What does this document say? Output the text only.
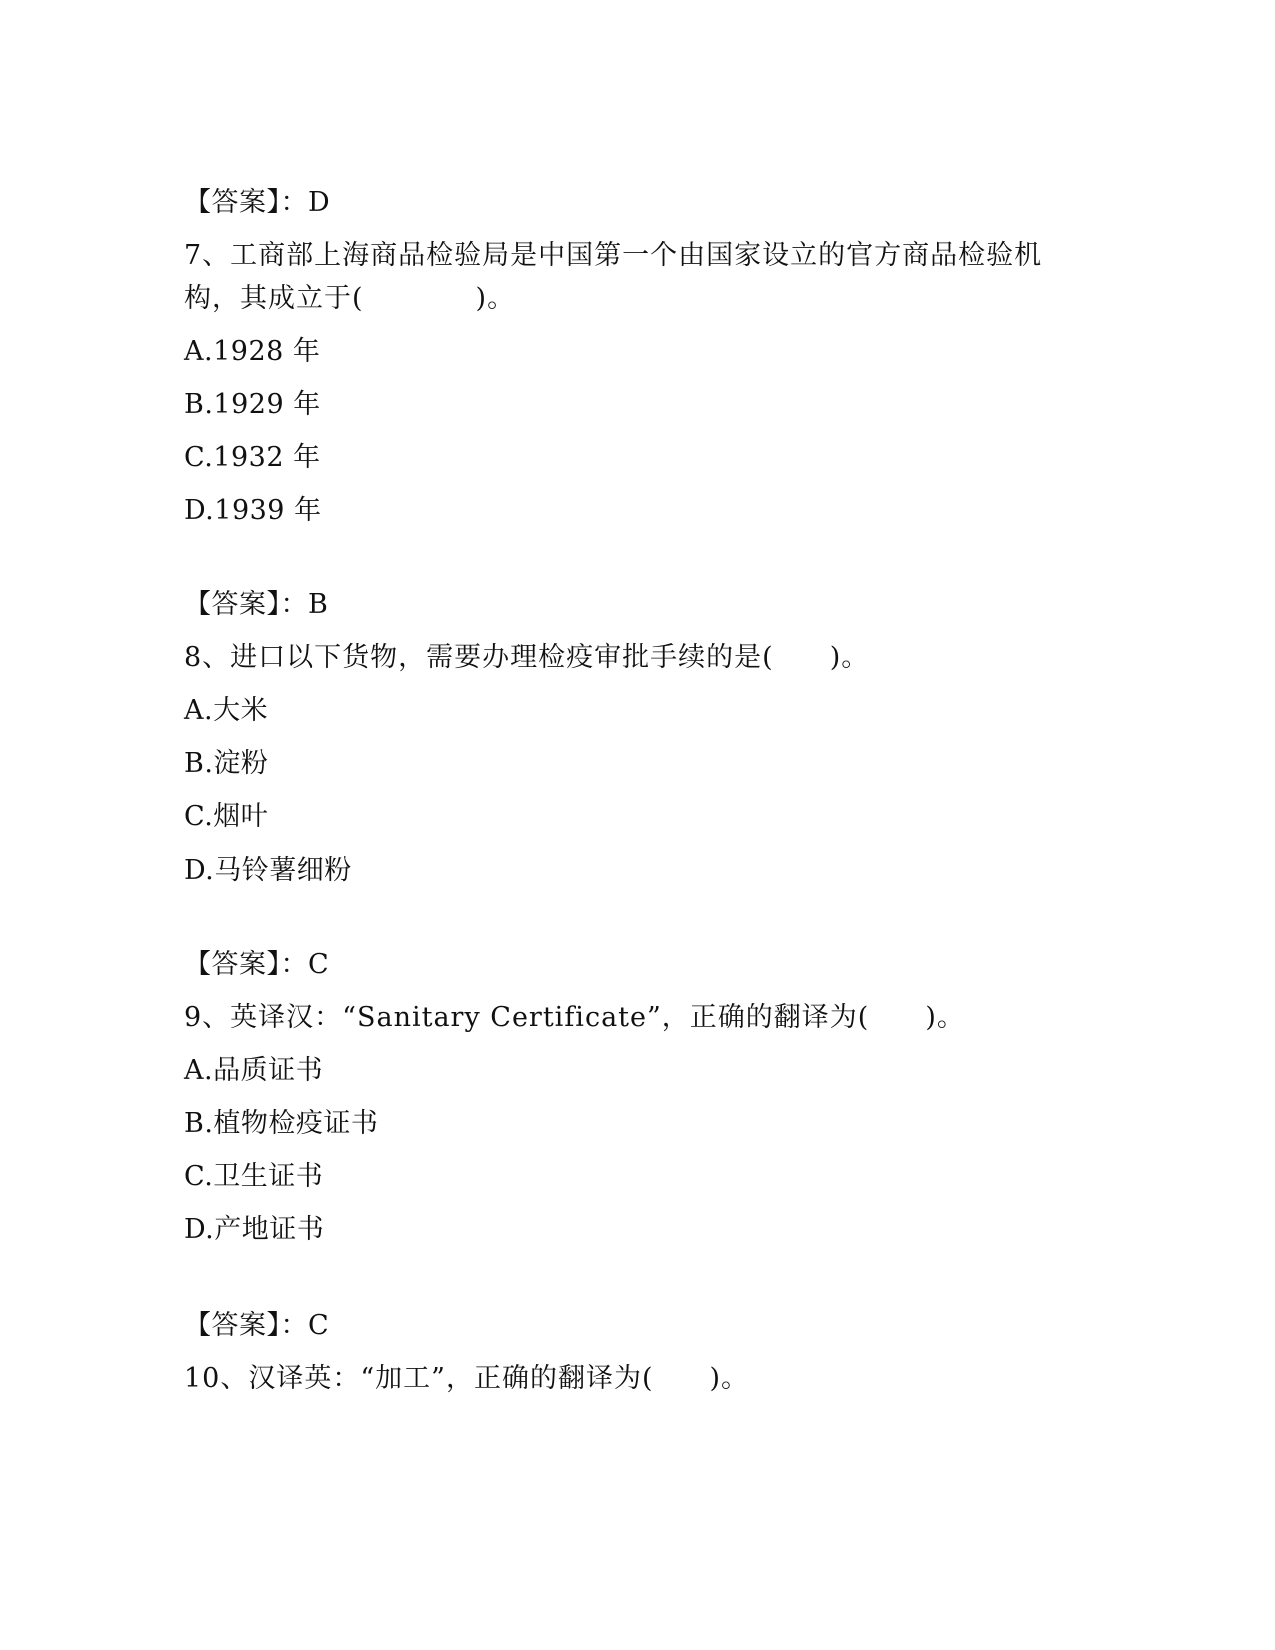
【答案】：D
7、工商部上海商品检验局是中国第一个由国家设立的官方商品检验机
构，其成立于(　　　　)。
A.1928 年
B.1929 年
C.1932 年
D.1939 年
【答案】：B
8、进口以下货物，需要办理检疫审批手续的是(　　)。
A.大米
B.淀粉
C.烟叶
D.马铃薯细粉
【答案】：C
9、英译汉：“Sanitary Certificate”，正确的翻译为(　　)。
A.品质证书
B.植物检疫证书
C.卫生证书
D.产地证书
【答案】：C
10、汉译英：“加工”，正确的翻译为(　　)。
